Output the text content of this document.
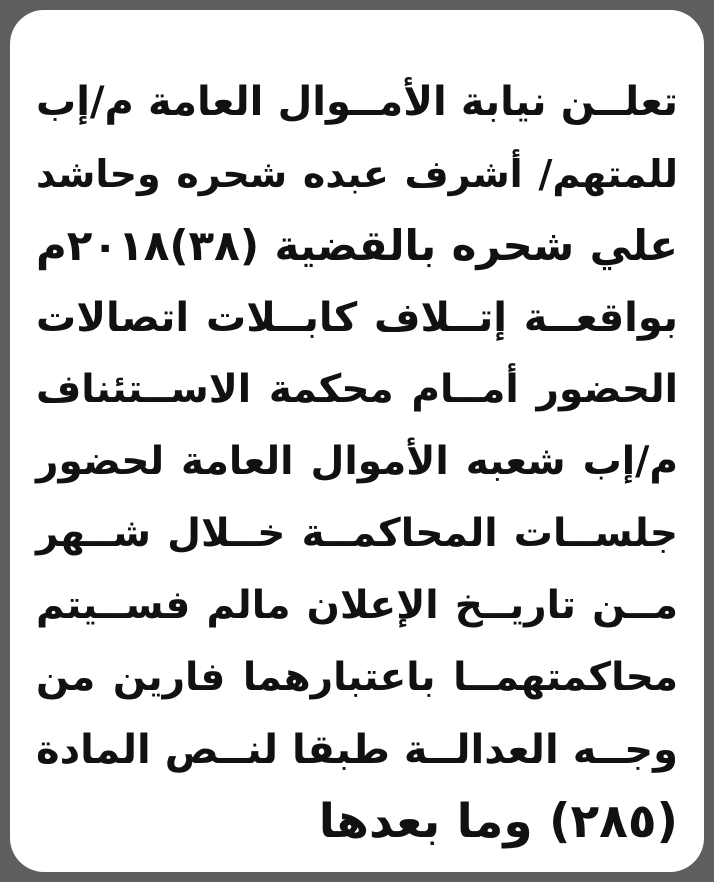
تعلــن نيابة الأمــوال العامة م/إب
للمتهم/ أشرف عبده شحره وحاشد
علي شحره بالقضية (٣٨)٢٠١٨م
بواقعــة إتــلاف كابــلات اتصالات
الحضور أمــام محكمة الاســتئناف
م/إب شعبه الأموال العامة لحضور
جلســات المحاكمــة خــلال شــهر
مــن تاريــخ الإعلان مالم فســيتم
محاكمتهمــا باعتبارهما فارين من
وجــه العدالــة طبقا لنــص المادة
(٢٨٥) وما بعدها
